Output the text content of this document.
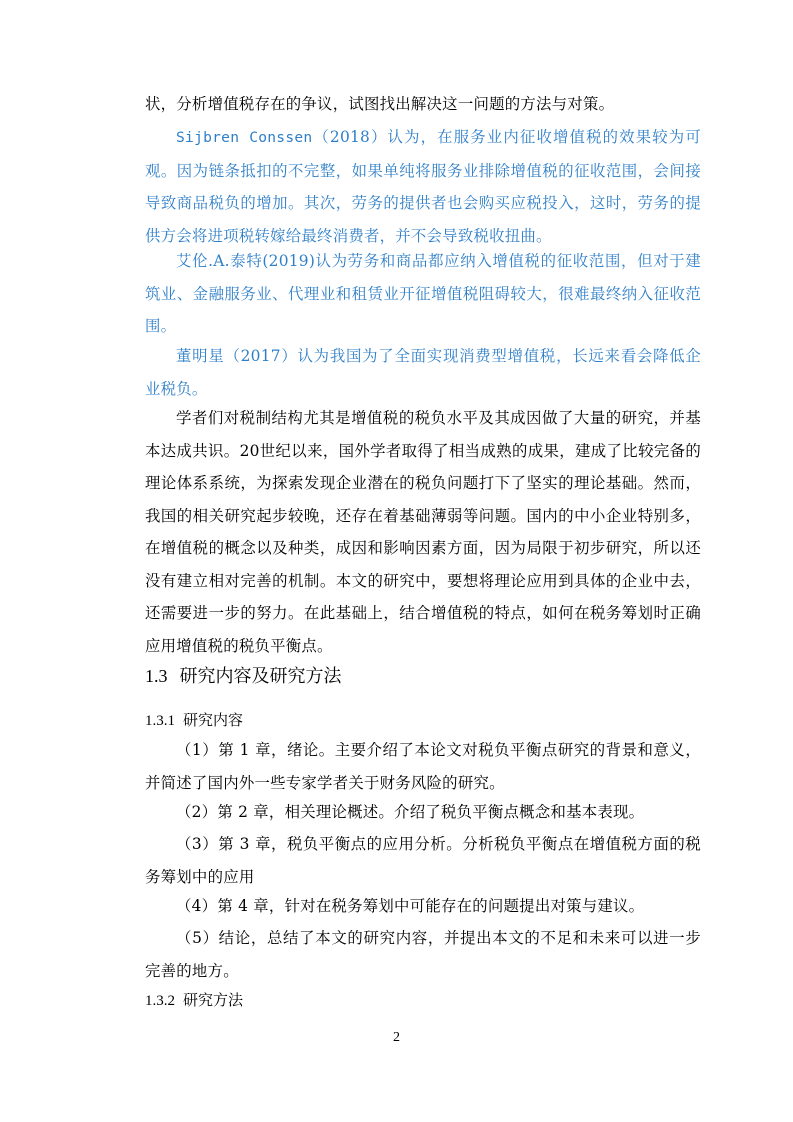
状，分析增值税存在的争议，试图找出解决这一问题的方法与对策。

Sijbren Conssen（2018）认为，在服务业内征收增值税的效果较为可观。因为链条抵扣的不完整，如果单纯将服务业排除增值税的征收范围，会间接导致商品税负的增加。其次，劳务的提供者也会购买应税投入，这时，劳务的提供方会将进项税转嫁给最终消费者，并不会导致税收扭曲。

艾伦.A.泰特(2019)认为劳务和商品都应纳入增值税的征收范围，但对于建筑业、金融服务业、代理业和租赁业开征增值税阻碍较大，很难最终纳入征收范围。

董明星（2017）认为我国为了全面实现消费型增值税，长远来看会降低企业税负。

学者们对税制结构尤其是增值税的税负水平及其成因做了大量的研究，并基本达成共识。20世纪以来，国外学者取得了相当成熟的成果，建成了比较完备的理论体系系统，为探索发现企业潜在的税负问题打下了坚实的理论基础。然而，我国的相关研究起步较晚，还存在着基础薄弱等问题。国内的中小企业特别多，在增值税的概念以及种类，成因和影响因素方面，因为局限于初步研究，所以还没有建立相对完善的机制。本文的研究中，要想将理论应用到具体的企业中去，还需要进一步的努力。在此基础上，结合增值税的特点，如何在税务筹划时正确应用增值税的税负平衡点。

1.3 研究内容及研究方法
1.3.1 研究内容

（1）第 1 章，绪论。主要介绍了本论文对税负平衡点研究的背景和意义，并简述了国内外一些专家学者关于财务风险的研究。

（2）第 2 章，相关理论概述。介绍了税负平衡点概念和基本表现。

（3）第 3 章，税负平衡点的应用分析。分析税负平衡点在增值税方面的税务筹划中的应用

（4）第 4 章，针对在税务筹划中可能存在的问题提出对策与建议。

（5）结论，总结了本文的研究内容，并提出本文的不足和未来可以进一步完善的地方。

1.3.2 研究方法
2
